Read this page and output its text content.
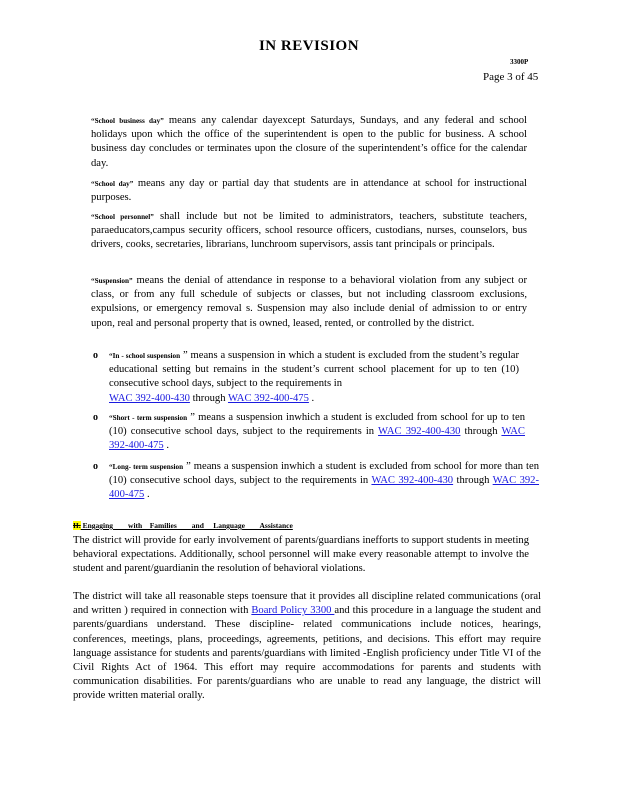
IN REVISION
3300P
Page 3 of 45
“School business day” means any calendar dayexcept Saturdays, Sundays, and any federal and school holidays upon which the office of the superintendent is open to the public for business. A school business day concludes or terminates upon the closure of the superintendent’s office for the calendar day.
“School day” means any day or partial day that students are in attendance at school for instructional purposes.
“School personnel” shall include but not be limited to administrators, teachers, substitute teachers, paraeducators,campus security officers, school resource officers, custodians, nurses, counselors, bus drivers, cooks, secretaries, librarians, lunchroom supervisors, assis tant principals or principals.
“Suspension” means the denial of attendance in response to a behavioral violation from any subject or class, or from any full schedule of subjects or classes, but not including classroom exclusions, expulsions, or emergency removal s. Suspension may also include denial of admission to or entry upon, real and personal property that is owned, leased, rented, or controlled by the district.
o “In - school suspension ” means a suspension in which a student is excluded from the student’s regular educational setting but remains in the student’s current school placement for up to ten (10) consecutive school days, subject to the requirements in
WAC 392-400-430 through WAC 392-400-475 .
o “Short - term suspension ” means a suspension inwhich a student is excluded from school for up to ten (10) consecutive school days, subject to the requirements in WAC 392-400-430 through WAC 392-400-475 .
o “Long- term suspension ” means a suspension inwhich a student is excluded from school for more than ten (10) consecutive school days, subject to the requirements in WAC 392-400-430 through WAC 392-400-475 .
II. Engaging        with    Families        and     Language        Assistance
The district will provide for early involvement of parents/guardians inefforts to support students in meeting behavioral expectations. Additionally, school personnel will make every reasonable attempt to involve the student and parent/guardianin the resolution of behavioral violations.
The district will take all reasonable steps toensure that it provides all discipline related communications (oral and written ) required in connection with Board Policy 3300 and this procedure in a language the student and parents/guardians understand. These discipline- related communications include notices, hearings, conferences, meetings, plans, proceedings, agreements, petitions, and decisions. This effort may require language assistance for students and parents/guardians with limited -English proficiency under Title VI of the Civil Rights Act of 1964. This effort may require accommodations for parents and students with communication disabilities. For parents/guardians who are unable to read any language, the district will provide written material orally.
